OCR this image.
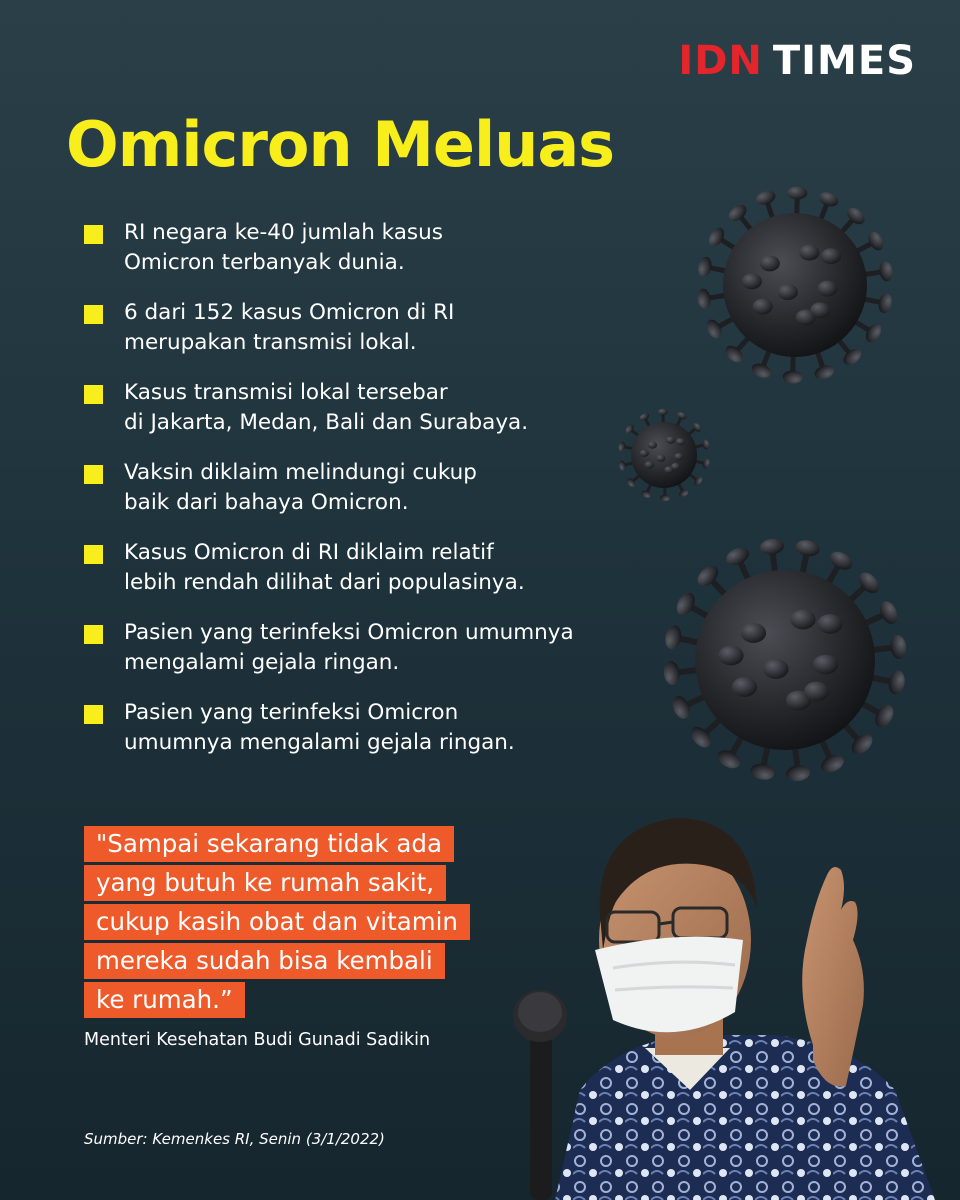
IDN TIMES
Omicron Meluas
RI negara ke-40 jumlah kasus
Omicron terbanyak dunia.
6 dari 152 kasus Omicron di RI
merupakan transmisi lokal.
Kasus transmisi lokal tersebar
di Jakarta, Medan, Bali dan Surabaya.
Vaksin diklaim melindungi cukup
baik dari bahaya Omicron.
Kasus Omicron di RI diklaim relatif
lebih rendah dilihat dari populasinya.
Pasien yang terinfeksi Omicron umumnya
mengalami gejala ringan.
Pasien yang terinfeksi Omicron
umumnya mengalami gejala ringan.
"Sampai sekarang tidak ada
yang butuh ke rumah sakit,
cukup kasih obat dan vitamin
mereka sudah bisa kembali
ke rumah.”
Menteri Kesehatan Budi Gunadi Sadikin
Sumber: Kemenkes RI, Senin (3/1/2022)
